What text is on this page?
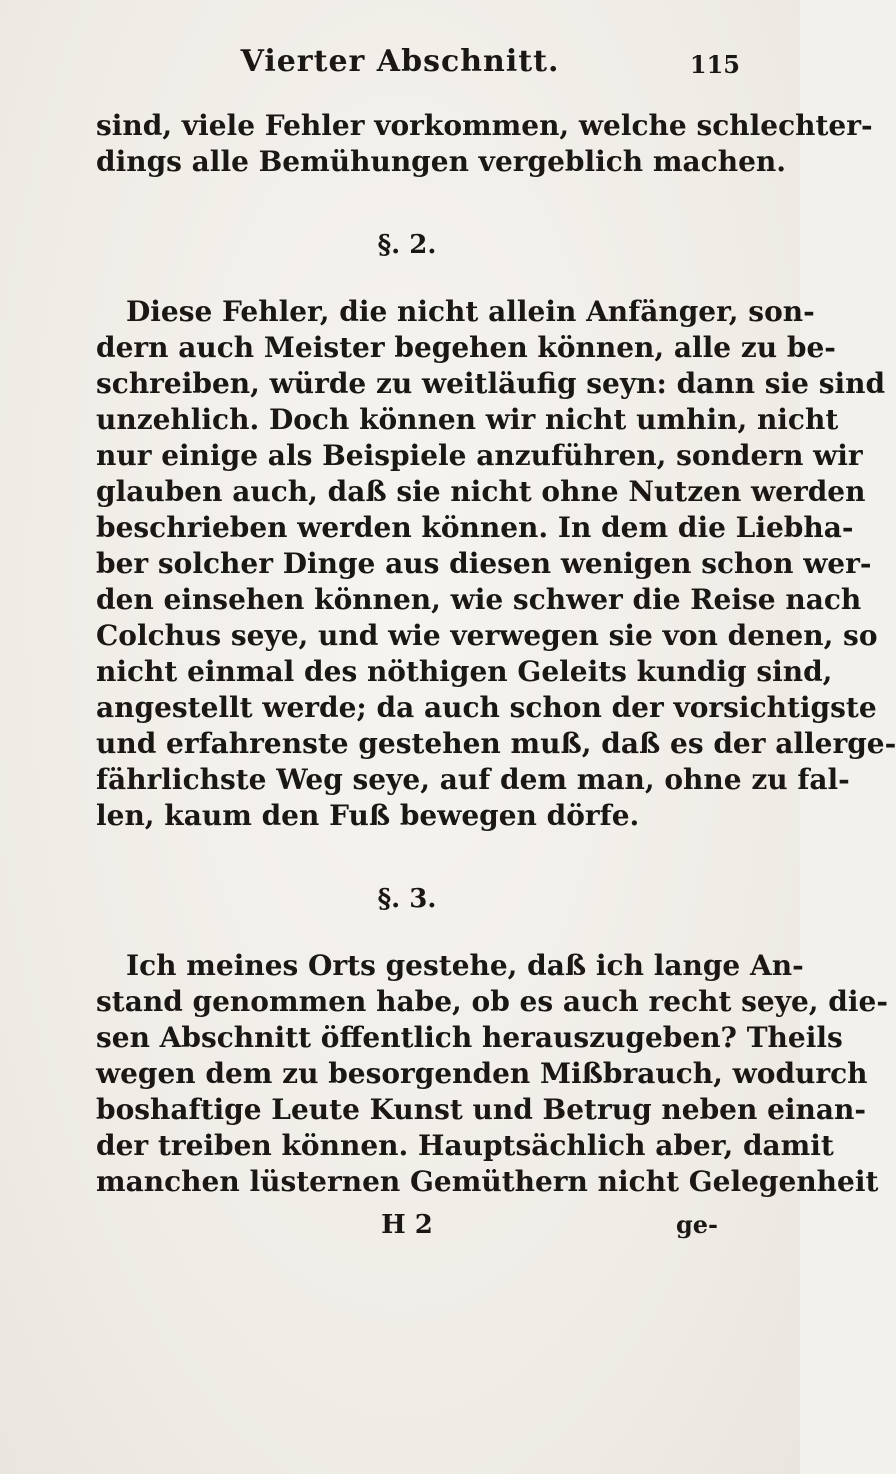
Vierter Abschnitt.	115
sind, viele Fehler vorkommen, welche schlechter-
dings alle Bemühungen vergeblich machen.
§. 2.
Diese Fehler, die nicht allein Anfänger, son-
dern auch Meister begehen können, alle zu be-
schreiben, würde zu weitläufig seyn: dann sie sind
unzehlich. Doch können wir nicht umhin, nicht
nur einige als Beispiele anzuführen, sondern wir
glauben auch, daß sie nicht ohne Nutzen werden
beschrieben werden können. In dem die Liebha-
ber solcher Dinge aus diesen wenigen schon wer-
den einsehen können, wie schwer die Reise nach
Colchus seye, und wie verwegen sie von denen, so
nicht einmal des nöthigen Geleits kundig sind,
angestellt werde; da auch schon der vorsichtigste
und erfahrenste gestehen muß, daß es der allerge-
fährlichste Weg seye, auf dem man, ohne zu fal-
len, kaum den Fuß bewegen dörfe.
§. 3.
Ich meines Orts gestehe, daß ich lange An-
stand genommen habe, ob es auch recht seye, die-
sen Abschnitt öffentlich herauszugeben? Theils
wegen dem zu besorgenden Mißbrauch, wodurch
boshaftige Leute Kunst und Betrug neben einan-
der treiben können. Hauptsächlich aber, damit
manchen lüsternen Gemüthern nicht Gelegenheit
H 2	ge-
